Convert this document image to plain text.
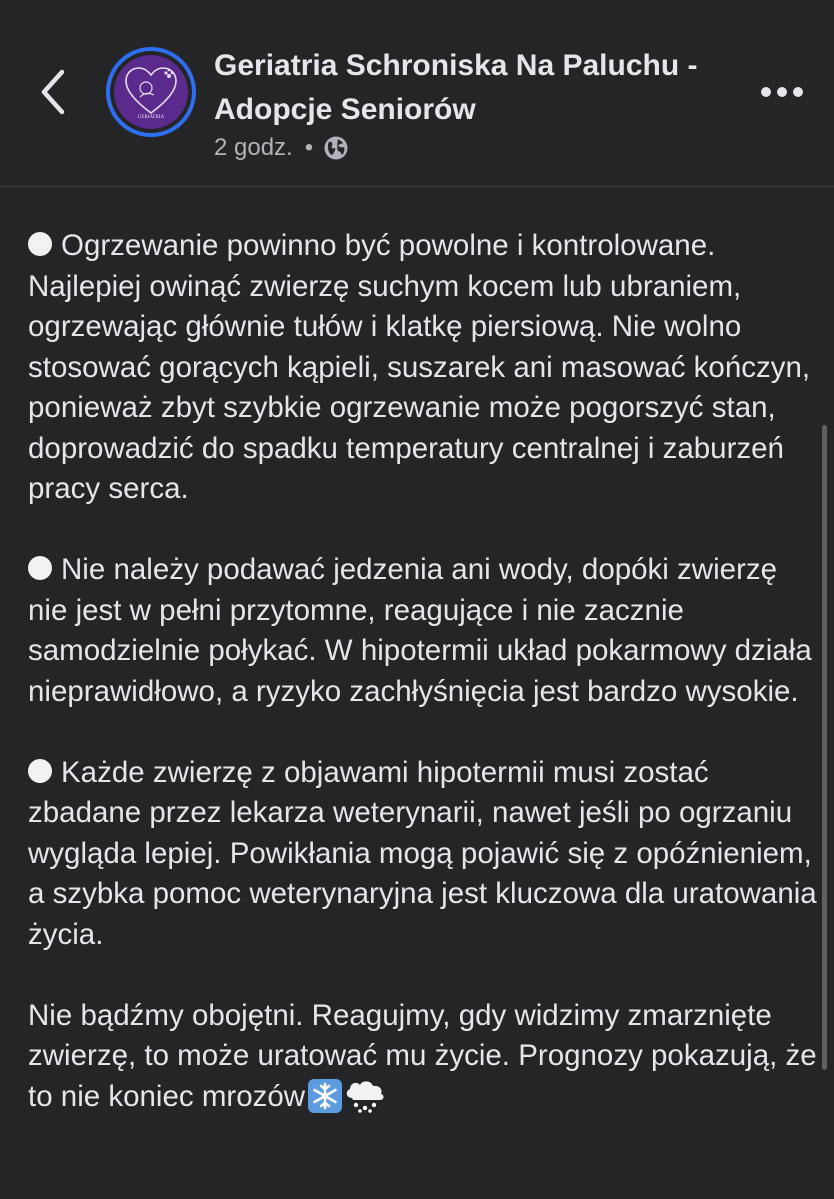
GERIATRIA
Geriatria Schroniska Na Paluchu - Adopcje Seniorów
2 godz. •

Ogrzewanie powinno być powolne i kontrolowane. Najlepiej owinąć zwierzę suchym kocem lub ubraniem, ogrzewając głównie tułów i klatkę piersiową. Nie wolno stosować gorących kąpieli, suszarek ani masować kończyn, ponieważ zbyt szybkie ogrzewanie może pogorszyć stan, doprowadzić do spadku temperatury centralnej i zaburzeń pracy serca.

Nie należy podawać jedzenia ani wody, dopóki zwierzę nie jest w pełni przytomne, reagujące i nie zacznie samodzielnie połykać. W hipotermii układ pokarmowy działa nieprawidłowo, a ryzyko zachłyśnięcia jest bardzo wysokie.

Każde zwierzę z objawami hipotermii musi zostać zbadane przez lekarza weterynarii, nawet jeśli po ogrzaniu wygląda lepiej. Powikłania mogą pojawić się z opóźnieniem, a szybka pomoc weterynaryjna jest kluczowa dla uratowania życia.

Nie bądźmy obojętni. Reagujmy, gdy widzimy zmarznięte zwierzę, to może uratować mu życie. Prognozy pokazują, że to nie koniec mrozów
